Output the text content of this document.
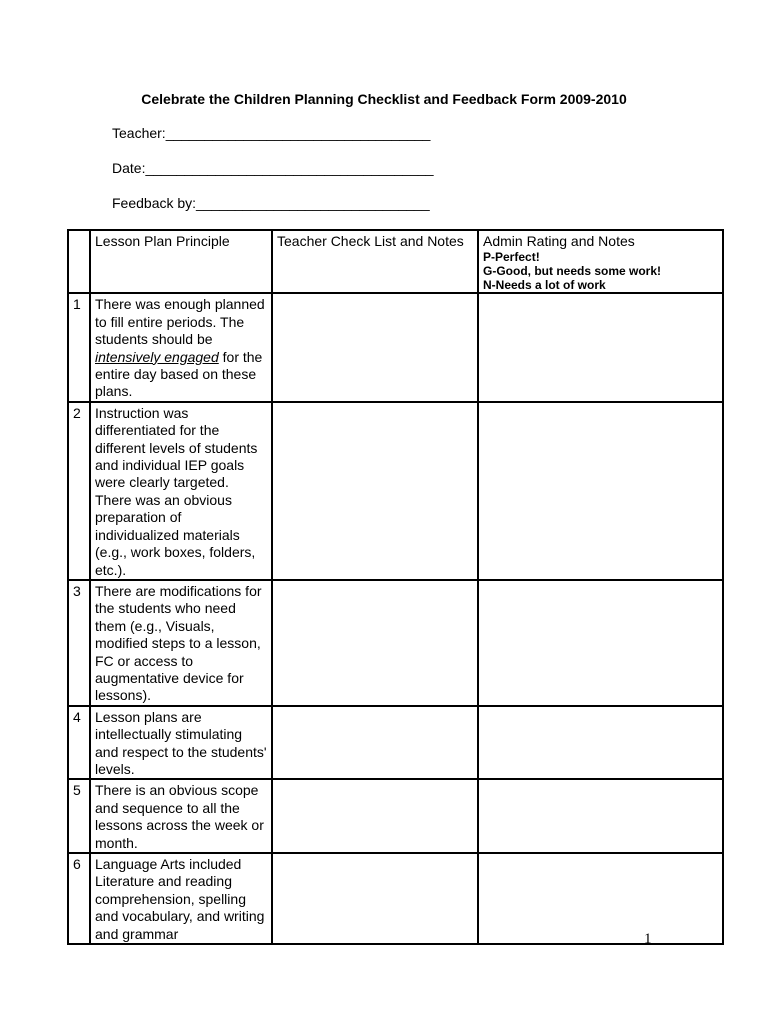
Celebrate the Children Planning Checklist and Feedback Form 2009-2010
Teacher:__________________________________
Date:_____________________________________
Feedback by:______________________________
	Lesson Plan Principle	Teacher Check List and Notes	Admin Rating and Notes
P-Perfect!
G-Good, but needs some work!
N-Needs a lot of work

1	There was enough planned to fill entire periods. The students should be intensively engaged for the entire day based on these plans.		
2	Instruction was differentiated for the different levels of students and individual IEP goals were clearly targeted. There was an obvious preparation of individualized materials (e.g., work boxes, folders, etc.).		
3	There are modifications for the students who need them (e.g., Visuals, modified steps to a lesson, FC or access to augmentative device for lessons).		
4	Lesson plans are intellectually stimulating and respect to the students' levels.		
5	There is an obvious scope and sequence to all the lessons across the week or month.		
6	Language Arts included Literature and reading comprehension, spelling and vocabulary, and writing and grammar			1
